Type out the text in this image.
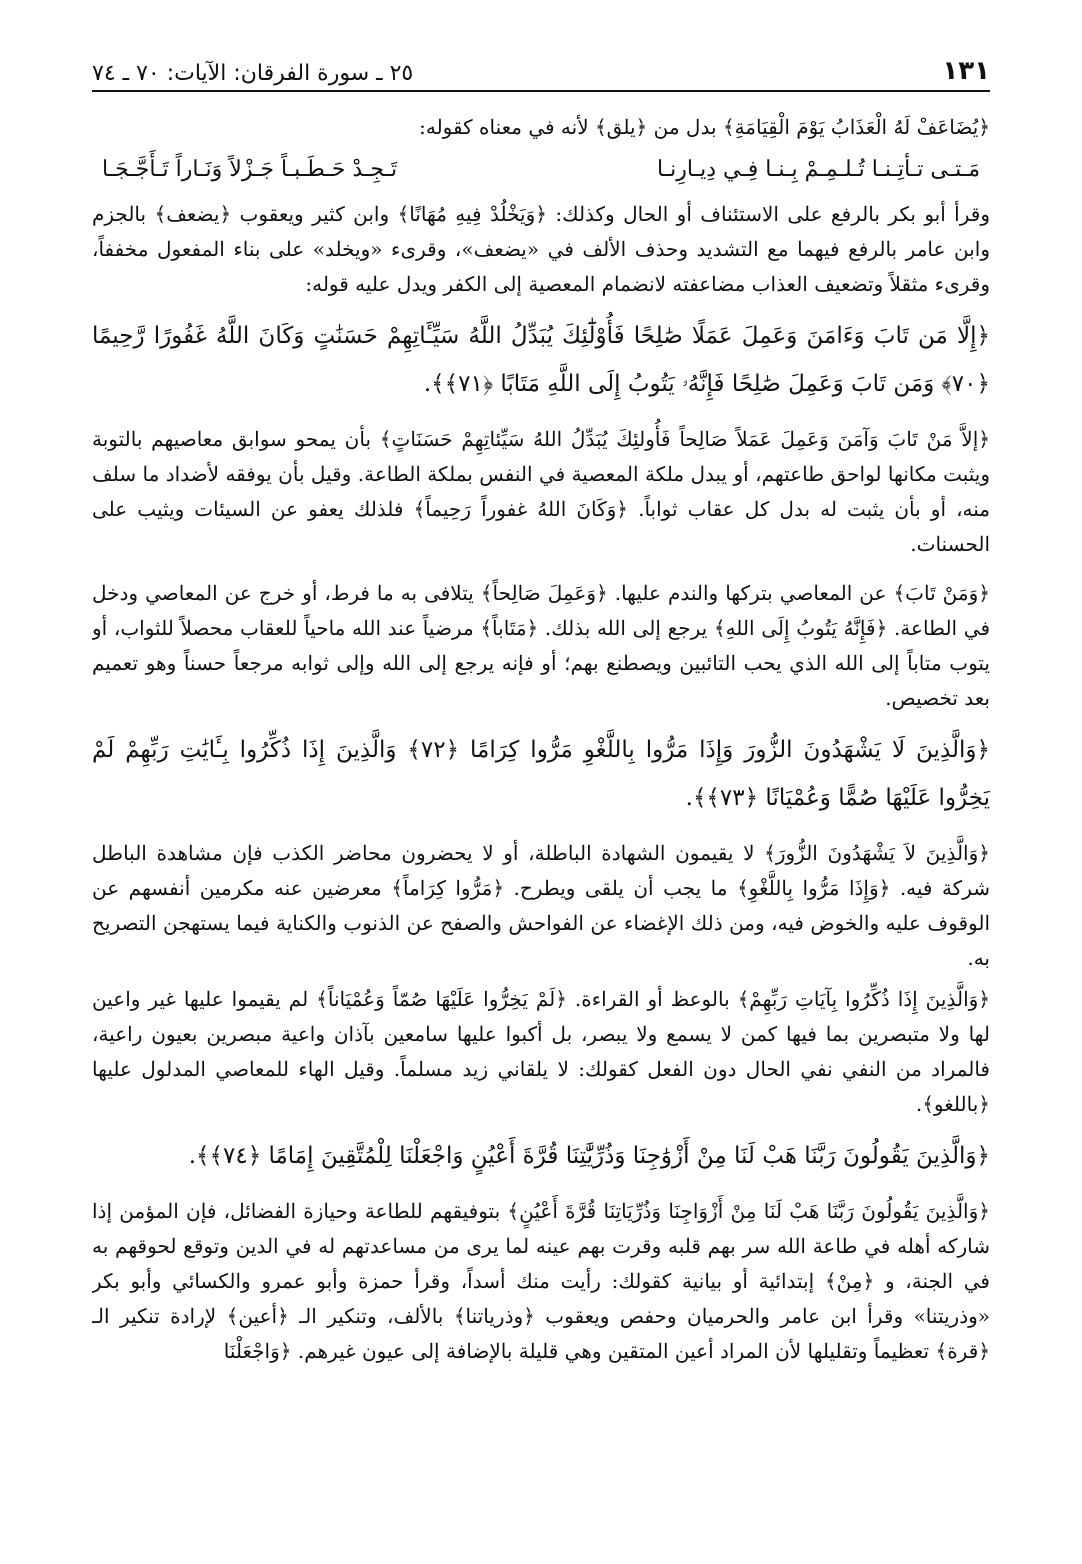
١٣١
٢٥ ـ سورة الفرقان: الآيات: ٧٠ ـ ٧٤

﴿يُضَاعَفْ لَهُ الْعَذَابُ يَوْمَ الْقِيَامَةِ﴾ بدل من ﴿يلق﴾ لأنه في معناه كقوله:

مَـتـى تـأتِـنـا تُـلـمِـمْ بِـنـا فِـي دِيـارِنـا
تَـجِـدْ حَـطَـبـاً جَـزْلاً وَنَـاراً تَـأَجَّـجَـا

وقرأ أبو بكر بالرفع على الاستئناف أو الحال وكذلك: ﴿وَيَخْلُدْ فِيهِ مُهَانًا﴾ وابن كثير ويعقوب ﴿يضعف﴾ بالجزم وابن عامر بالرفع فيهما مع التشديد وحذف الألف في «يضعف»، وقرىء «ويخلد» على بناء المفعول مخففاً، وقرىء مثقلاً وتضعيف العذاب مضاعفته لانضمام المعصية إلى الكفر ويدل عليه قوله:

﴿إِلَّا مَن تَابَ وَءَامَنَ وَعَمِلَ عَمَلًا صَٰلِحًا فَأُوْلَٰٓئِكَ يُبَدِّلُ اللَّهُ سَيِّـَٔاتِهِمْ حَسَنَٰتٍ وَكَانَ اللَّهُ غَفُورًا رَّحِيمًا ﴿٧٠﴾ وَمَن تَابَ وَعَمِلَ صَٰلِحًا فَإِنَّهُۥ يَتُوبُ إِلَى اللَّهِ مَتَابًا ﴿٧١﴾﴾.

﴿إلاَّ مَنْ تَابَ وَآمَنَ وَعَمِلَ عَمَلاً صَالِحاً فَأُولئِكَ يُبَدِّلُ اللهُ سَيِّئاتِهِمْ حَسَنَاتٍ﴾ بأن يمحو سوابق معاصيهم بالتوبة ويثبت مكانها لواحق طاعتهم، أو يبدل ملكة المعصية في النفس بملكة الطاعة. وقيل بأن يوفقه لأضداد ما سلف منه، أو بأن يثبت له بدل كل عقاب ثواباً. ﴿وَكَانَ اللهُ غفوراً رَحِيماً﴾ فلذلك يعفو عن السيئات ويثيب على الحسنات.

﴿وَمَنْ تَابَ﴾ عن المعاصي بتركها والندم عليها. ﴿وَعَمِلَ صَالِحاً﴾ يتلافى به ما فرط، أو خرج عن المعاصي ودخل في الطاعة. ﴿فَإِنَّهُ يَتُوبُ إِلَى اللهِ﴾ يرجع إلى الله بذلك. ﴿مَتَاباً﴾ مرضياً عند الله ماحياً للعقاب محصلاً للثواب، أو يتوب متاباً إلى الله الذي يحب التائبين ويصطنع بهم؛ أو فإنه يرجع إلى الله وإلى ثوابه مرجعاً حسناً وهو تعميم بعد تخصيص.

﴿وَالَّذِينَ لَا يَشْهَدُونَ الزُّورَ وَإِذَا مَرُّوا بِاللَّغْوِ مَرُّوا كِرَامًا ﴿٧٢﴾ وَالَّذِينَ إِذَا ذُكِّرُوا بِـَٔايَٰتِ رَبِّهِمْ لَمْ يَخِرُّوا عَلَيْهَا صُمًّا وَعُمْيَانًا ﴿٧٣﴾﴾.

﴿وَالَّذِينَ لاَ يَشْهَدُونَ الزُّورَ﴾ لا يقيمون الشهادة الباطلة، أو لا يحضرون محاضر الكذب فإن مشاهدة الباطل شركة فيه. ﴿وَإِذَا مَرُّوا بِاللَّغْوِ﴾ ما يجب أن يلقى ويطرح. ﴿مَرُّوا كِرَاماً﴾ معرضين عنه مكرمين أنفسهم عن الوقوف عليه والخوض فيه، ومن ذلك الإغضاء عن الفواحش والصفح عن الذنوب والكناية فيما يستهجن التصريح به.

﴿وَالَّذِينَ إِذَا ذُكِّرُوا بِآيَاتِ رَبِّهِمْ﴾ بالوعظ أو القراءة. ﴿لَمْ يَخِرُّوا عَلَيْهَا صُمّاً وَعُمْيَاناً﴾ لم يقيموا عليها غير واعين لها ولا متبصرين بما فيها كمن لا يسمع ولا يبصر، بل أكبوا عليها سامعين بآذان واعية مبصرين بعيون راعية، فالمراد من النفي نفي الحال دون الفعل كقولك: لا يلقاني زيد مسلماً. وقيل الهاء للمعاصي المدلول عليها ﴿باللغو﴾.

﴿وَالَّذِينَ يَقُولُونَ رَبَّنَا هَبْ لَنَا مِنْ أَزْوَٰجِنَا وَذُرِّيَّٰتِنَا قُرَّةَ أَعْيُنٍ وَاجْعَلْنَا لِلْمُتَّقِينَ إِمَامًا ﴿٧٤﴾﴾.

﴿وَالَّذِينَ يَقُولُونَ رَبَّنَا هَبْ لَنَا مِنْ أَزْوَاجِنَا وَذُرِّيَاتِنَا قُرَّةَ أَعْيُنٍ﴾ بتوفيقهم للطاعة وحيازة الفضائل، فإن المؤمن إذا شاركه أهله في طاعة الله سر بهم قلبه وقرت بهم عينه لما يرى من مساعدتهم له في الدين وتوقع لحوقهم به في الجنة، و ﴿مِنْ﴾ إبتدائية أو بيانية كقولك: رأيت منك أسداً، وقرأ حمزة وأبو عمرو والكسائي وأبو بكر «وذريتنا» وقرأ ابن عامر والحرميان وحفص ويعقوب ﴿وذرياتنا﴾ بالألف، وتنكير الـ ﴿أعين﴾ لإرادة تنكير الـ ﴿قرة﴾ تعظيماً وتقليلها لأن المراد أعين المتقين وهي قليلة بالإضافة إلى عيون غيرهم. ﴿وَاجْعَلْنَا
